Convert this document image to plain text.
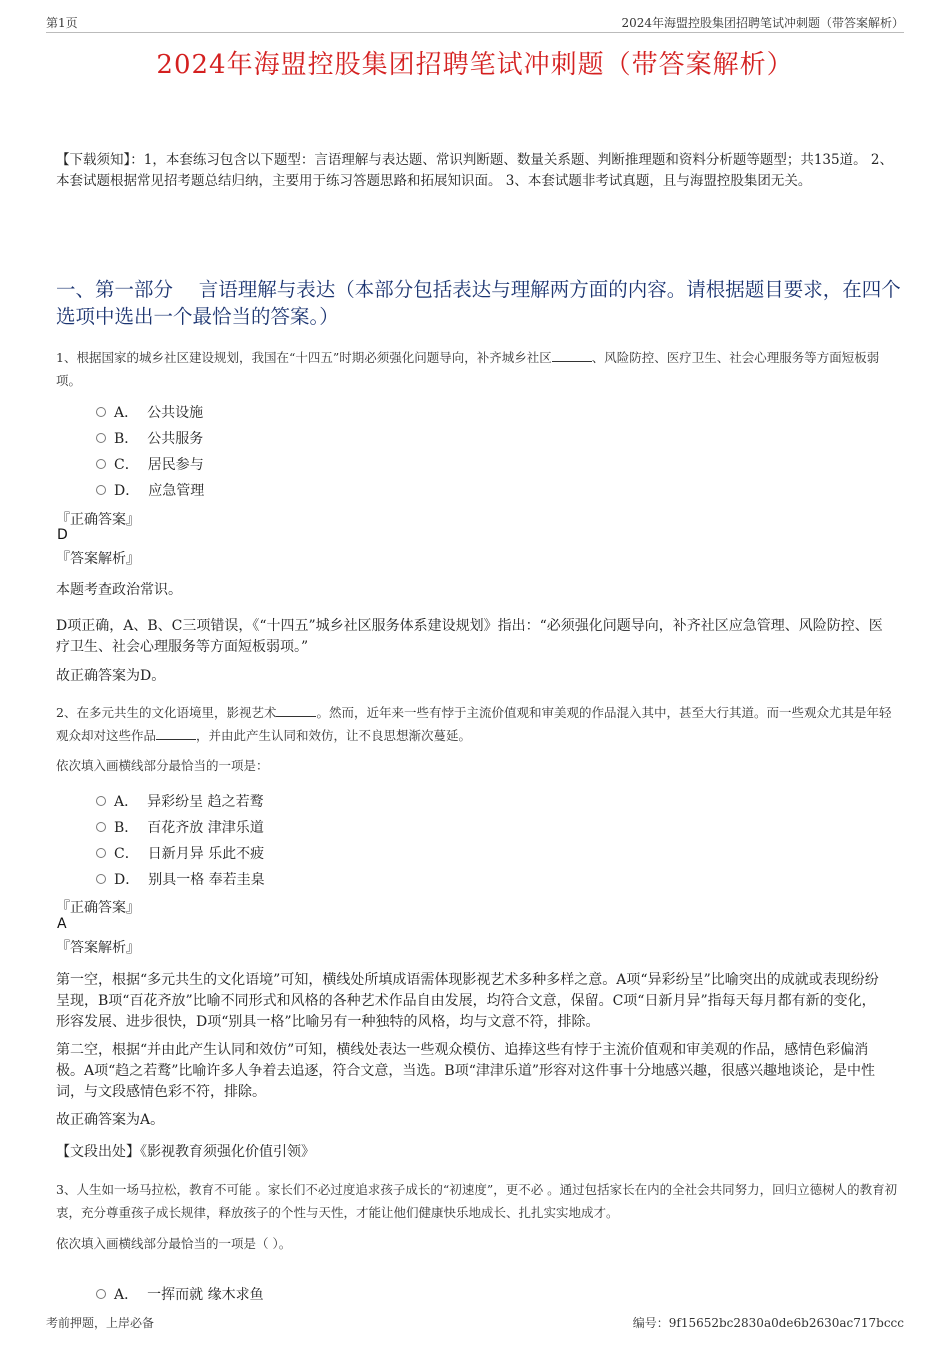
第1页	2024年海盟控股集团招聘笔试冲刺题（带答案解析）
2024年海盟控股集团招聘笔试冲刺题（带答案解析）
【下载须知】：1，本套练习包含以下题型：言语理解与表达题、常识判断题、数量关系题、判断推理题和资料分析题等题型；共135道。 2、本套试题根据常见招考题总结归纳，主要用于练习答题思路和拓展知识面。 3、本套试题非考试真题，且与海盟控股集团无关。
一、第一部分　 言语理解与表达（本部分包括表达与理解两方面的内容。请根据题目要求，在四个选项中选出一个最恰当的答案。）
1、根据国家的城乡社区建设规划，我国在“十四五”时期必须强化问题导向，补齐城乡社区	、风险防控、医疗卫生、社会心理服务等方面短板弱项。
A． 公共设施
B． 公共服务
C． 居民参与
D． 应急管理
『正确答案』
D
『答案解析』
本题考查政治常识。
D项正确，A、B、C三项错误，《“十四五”城乡社区服务体系建设规划》指出：“必须强化问题导向，补齐社区应急管理、风险防控、医疗卫生、社会心理服务等方面短板弱项。”
故正确答案为D。
2、在多元共生的文化语境里，影视艺术	。然而，近年来一些有悖于主流价值观和审美观的作品混入其中，甚至大行其道。而一些观众尤其是年轻观众却对这些作品	，并由此产生认同和效仿，让不良思想渐次蔓延。
依次填入画横线部分最恰当的一项是：
A． 异彩纷呈 趋之若鹜
B． 百花齐放 津津乐道
C． 日新月异 乐此不疲
D． 别具一格 奉若圭臬
『正确答案』
A
『答案解析』
第一空，根据“多元共生的文化语境”可知，横线处所填成语需体现影视艺术多种多样之意。A项“异彩纷呈”比喻突出的成就或表现纷纷呈现，B项“百花齐放”比喻不同形式和风格的各种艺术作品自由发展，均符合文意，保留。C项“日新月异”指每天每月都有新的变化，形容发展、进步很快，D项“别具一格”比喻另有一种独特的风格，均与文意不符，排除。
第二空，根据“并由此产生认同和效仿”可知，横线处表达一些观众模仿、追捧这些有悖于主流价值观和审美观的作品，感情色彩偏消极。A项“趋之若鹜”比喻许多人争着去追逐，符合文意，当选。B项“津津乐道”形容对这件事十分地感兴趣，很感兴趣地谈论，是中性词，与文段感情色彩不符，排除。
故正确答案为A。
【文段出处】《影视教育须强化价值引领》
3、人生如一场马拉松，教育不可能 。家长们不必过度追求孩子成长的“初速度”，更不必 。通过包括家长在内的全社会共同努力，回归立德树人的教育初衷，充分尊重孩子成长规律，释放孩子的个性与天性，才能让他们健康快乐地成长、扎扎实实地成才。
依次填入画横线部分最恰当的一项是（ ）。
A． 一挥而就 缘木求鱼
考前押题，上岸必备	编号：9f15652bc2830a0de6b2630ac717bccc
